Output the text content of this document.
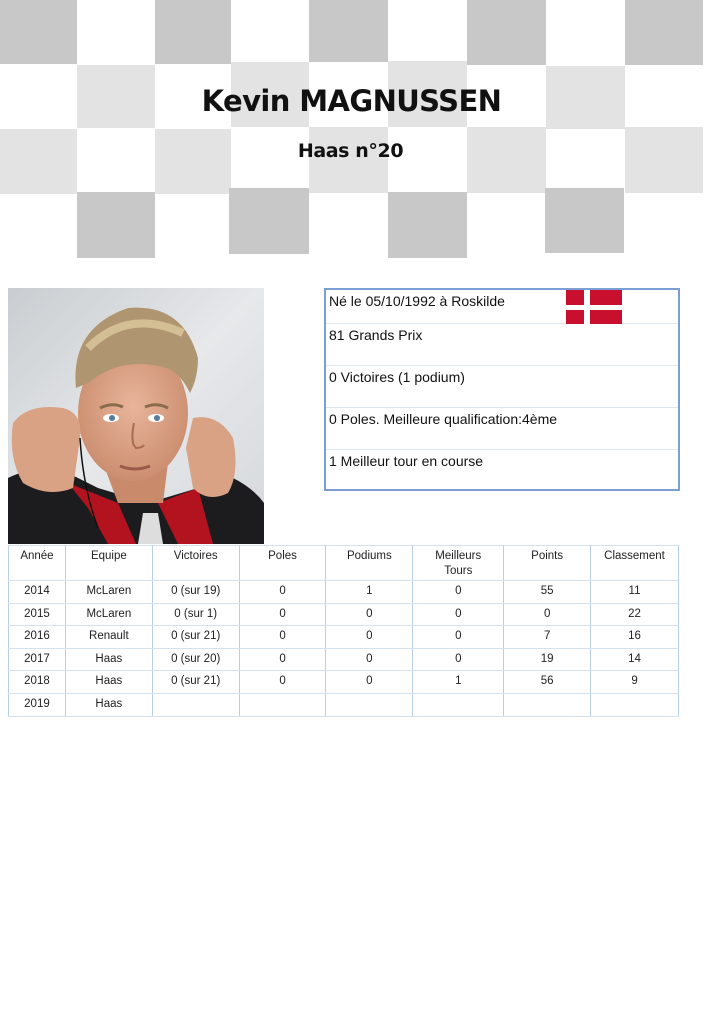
Kevin MAGNUSSEN
Haas n°20
Né le 05/10/1992 à Roskilde
81 Grands Prix
0 Victoires (1 podium)
0 Poles. Meilleure qualification:4ème
1 Meilleur tour en course
Année	Equipe	Victoires	Poles	Podiums	Meilleurs Tours	Points	Classement
2014	McLaren	0 (sur 19)	0	1	0	55	11
2015	McLaren	0 (sur 1)	0	0	0	0	22
2016	Renault	0 (sur 21)	0	0	0	7	16
2017	Haas	0 (sur 20)	0	0	0	19	14
2018	Haas	0 (sur 21)	0	0	1	56	9
2019	Haas						
